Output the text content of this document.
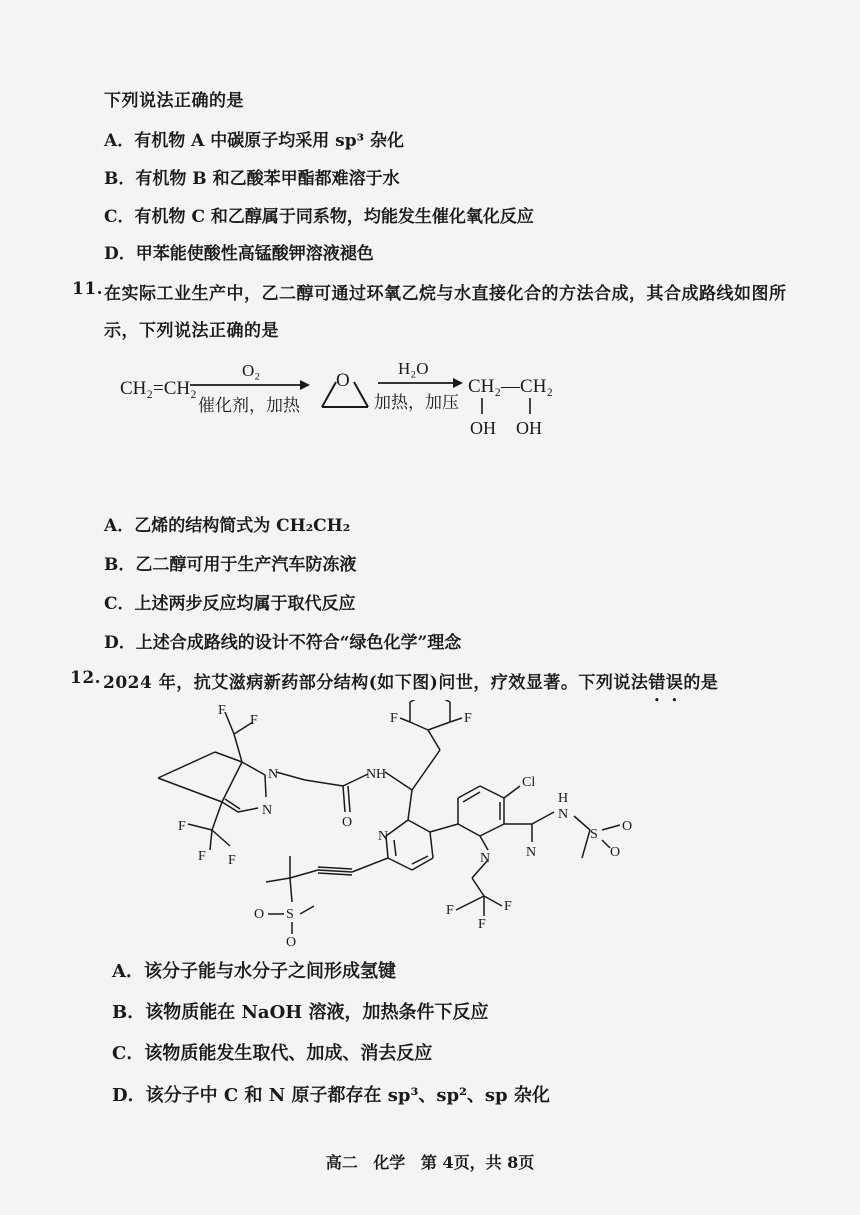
下列说法正确的是
A．有机物 A 中碳原子均采用 sp³ 杂化
B．有机物 B 和乙酸苯甲酯都难溶于水
C．有机物 C 和乙醇属于同系物，均能发生催化氧化反应
D．甲苯能使酸性高锰酸钾溶液褪色
11. 在实际工业生产中，乙二醇可通过环氧乙烷与水直接化合的方法合成，其合成路线如图所
示，下列说法正确的是
CH₂=CH₂
O₂
催化剂，加热
O
H₂O
加热，加压
CH₂—CH₂
OH OH
A．乙烯的结构简式为 CH₂CH₂
B．乙二醇可用于生产汽车防冻液
C．上述两步反应均属于取代反应
D．上述合成路线的设计不符合“绿色化学”理念
12. 2024 年，抗艾滋病新药部分结构(如下图)问世，疗效显著。下列说法错误的是
F
F
N
N
F
F F
O
N H
F	F
N
Cl
H
N
S
O
O
N	N
F	F
F
S
O
O
A．该分子能与水分子之间形成氢键
B．该物质能在 NaOH 溶液，加热条件下反应
C．该物质能发生取代、加成、消去反应
D．该分子中 C 和 N 原子都存在 sp³、sp²、sp 杂化
高二 化学 第 4页，共 8页
